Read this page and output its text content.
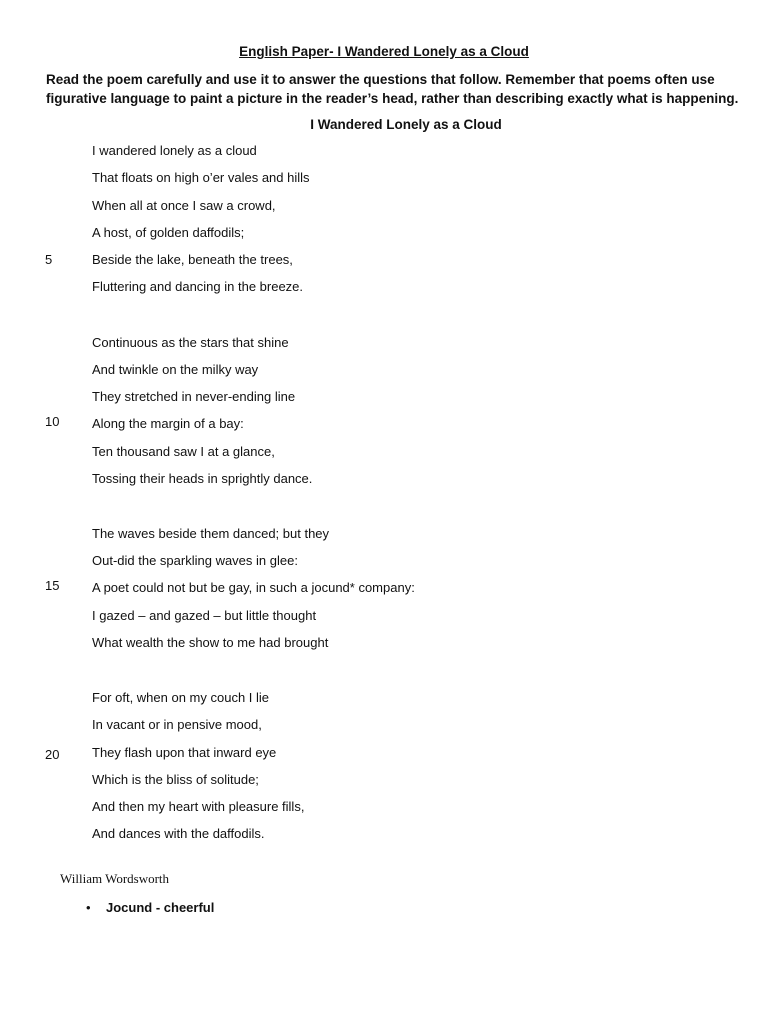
English Paper- I Wandered Lonely as a Cloud
Read the poem carefully and use it to answer the questions that follow. Remember that poems often use figurative language to paint a picture in the reader’s head, rather than describing exactly what is happening.
I Wandered Lonely as a Cloud
I wandered lonely as a cloud
That floats on high o’er vales and hills
When all at once I saw a crowd,
A host, of golden daffodils;
Beside the lake, beneath the trees,
Fluttering and dancing in the breeze.
Continuous as the stars that shine
And twinkle on the milky way
They stretched in never-ending line
Along the margin of a bay:
Ten thousand saw I at a glance,
Tossing their heads in sprightly dance.
The waves beside them danced; but they
Out-did the sparkling waves in glee:
A poet could not but be gay, in such a jocund* company:
I gazed – and gazed – but little thought
What wealth the show to me had brought
For oft, when on my couch I lie
In vacant or in pensive mood,
They flash upon that inward eye
Which is the bliss of solitude;
And then my heart with pleasure fills,
And dances with the daffodils.
5
10
15
20
William Wordsworth
• Jocund - cheerful
